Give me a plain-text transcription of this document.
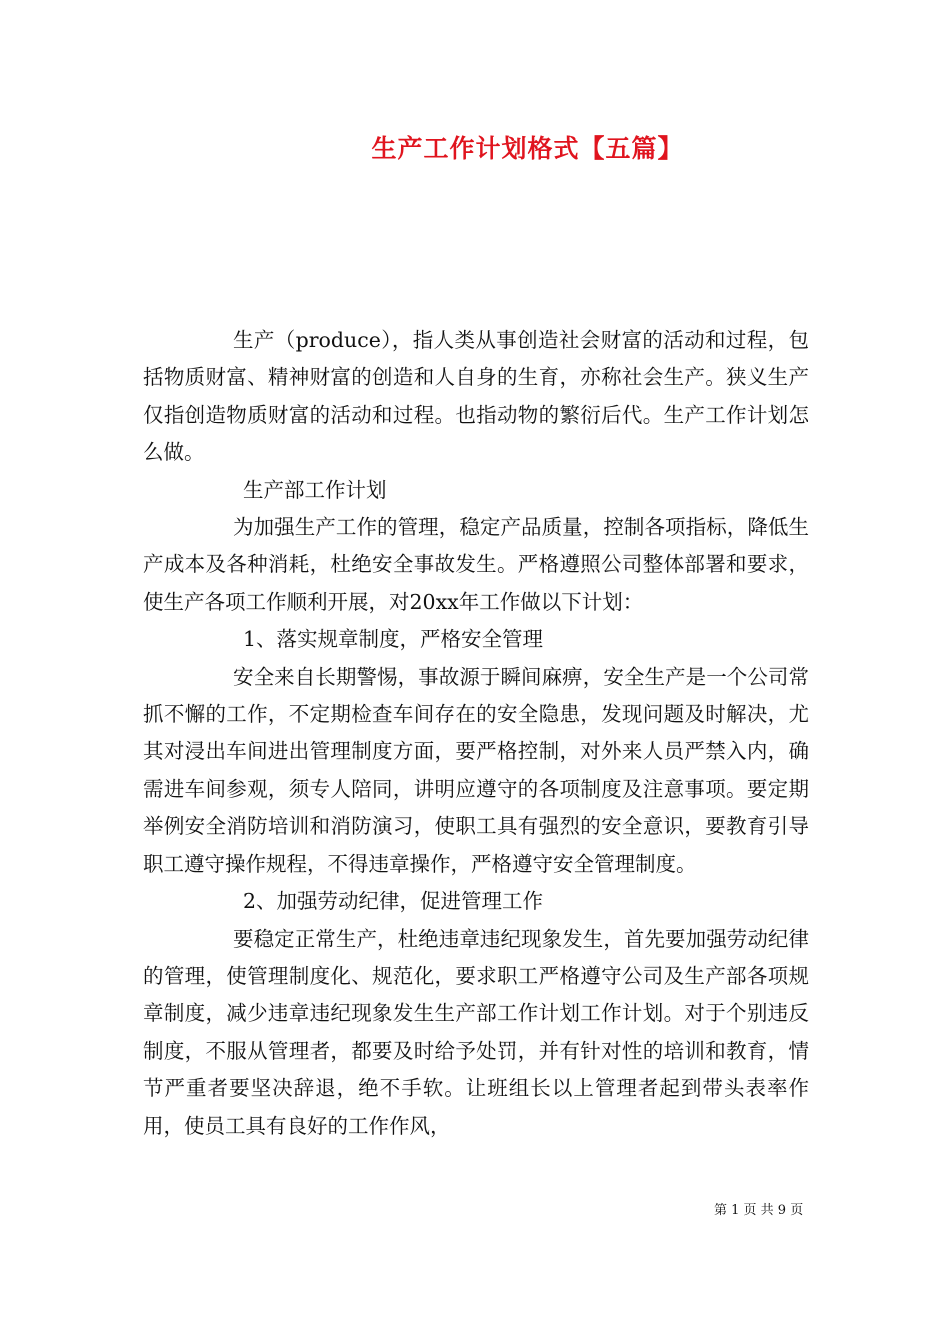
生产工作计划格式【五篇】

生产（produce），指人类从事创造社会财富的活动和过程，包括物质财富、精神财富的创造和人自身的生育，亦称社会生产。狭义生产仅指创造物质财富的活动和过程。也指动物的繁衍后代。生产工作计划怎么做。

生产部工作计划

为加强生产工作的管理，稳定产品质量，控制各项指标，降低生产成本及各种消耗，杜绝安全事故发生。严格遵照公司整体部署和要求，使生产各项工作顺利开展，对20xx年工作做以下计划：

1、落实规章制度，严格安全管理

安全来自长期警惕，事故源于瞬间麻痹，安全生产是一个公司常抓不懈的工作，不定期检查车间存在的安全隐患，发现问题及时解决，尤其对浸出车间进出管理制度方面，要严格控制，对外来人员严禁入内，确需进车间参观，须专人陪同，讲明应遵守的各项制度及注意事项。要定期举例安全消防培训和消防演习，使职工具有强烈的安全意识，要教育引导职工遵守操作规程，不得违章操作，严格遵守安全管理制度。

2、加强劳动纪律，促进管理工作

要稳定正常生产，杜绝违章违纪现象发生，首先要加强劳动纪律的管理，使管理制度化、规范化，要求职工严格遵守公司及生产部各项规章制度，减少违章违纪现象发生生产部工作计划工作计划。对于个别违反制度，不服从管理者，都要及时给予处罚，并有针对性的培训和教育，情节严重者要坚决辞退，绝不手软。让班组长以上管理者起到带头表率作用，使员工具有良好的工作作风，

第 1 页 共 9 页
